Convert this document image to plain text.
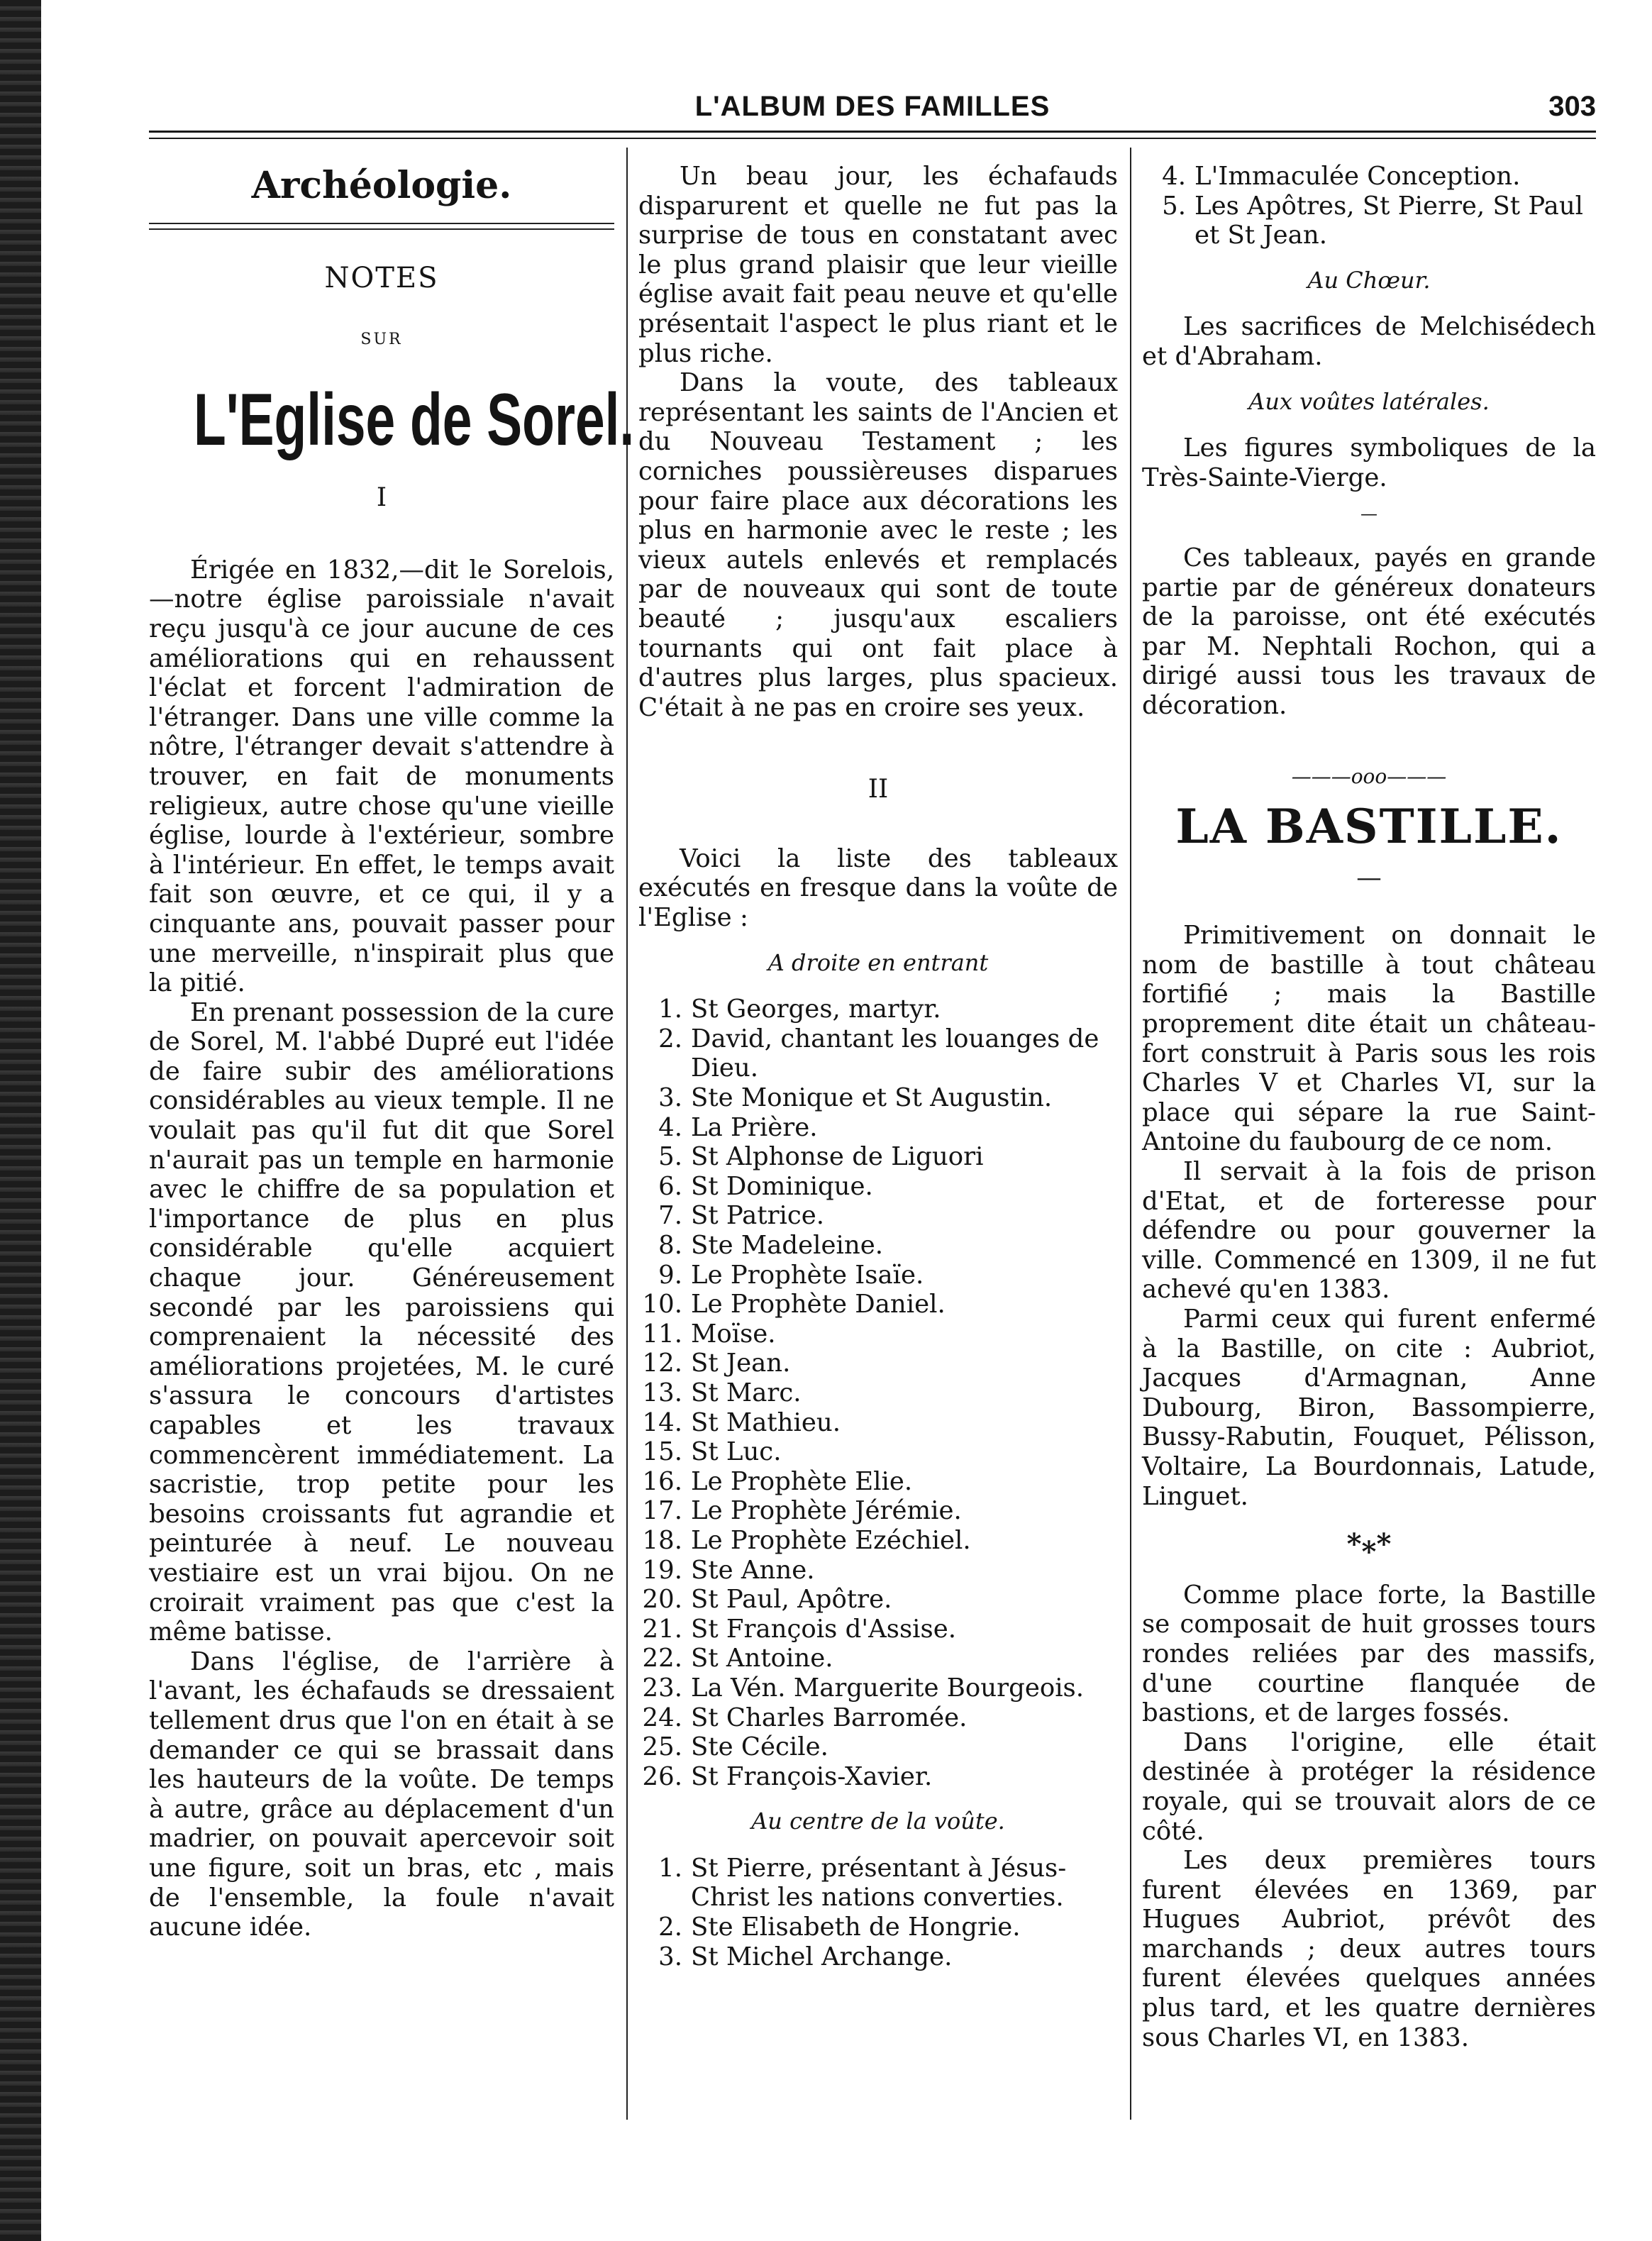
L'ALBUM DES FAMILLES	303
Archéologie.
NOTES
SUR
L'Eglise de Sorel.
I

Érigée en 1832,—dit le Sorelois,—notre église paroissiale n'avait reçu jusqu'à ce jour aucune de ces améliorations qui en rehaussent l'éclat et forcent l'admiration de l'étranger. Dans une ville comme la nôtre, l'étranger devait s'attendre à trouver, en fait de monuments religieux, autre chose qu'une vieille église, lourde à l'extérieur, sombre à l'intérieur. En effet, le temps avait fait son œuvre, et ce qui, il y a cinquante ans, pouvait passer pour une merveille, n'inspirait plus que la pitié.

En prenant possession de la cure de Sorel, M. l'abbé Dupré eut l'idée de faire subir des améliorations considérables au vieux temple. Il ne voulait pas qu'il fut dit que Sorel n'aurait pas un temple en harmonie avec le chiffre de sa population et l'importance de plus en plus considérable qu'elle acquiert chaque jour. Généreusement secondé par les paroissiens qui comprenaient la nécessité des améliorations projetées, M. le curé s'assura le concours d'artistes capables et les travaux commencèrent immédiatement. La sacristie, trop petite pour les besoins croissants fut agrandie et peinturée à neuf. Le nouveau vestiaire est un vrai bijou. On ne croirait vraiment pas que c'est la même batisse.

Dans l'église, de l'arrière à l'avant, les échafauds se dressaient tellement drus que l'on en était à se demander ce qui se brassait dans les hauteurs de la voûte. De temps à autre, grâce au déplacement d'un madrier, on pouvait apercevoir soit une figure, soit un bras, etc , mais de l'ensemble, la foule n'avait aucune idée.

Un beau jour, les échafauds disparurent et quelle ne fut pas la surprise de tous en constatant avec le plus grand plaisir que leur vieille église avait fait peau neuve et qu'elle présentait l'aspect le plus riant et le plus riche.

Dans la voute, des tableaux représentant les saints de l'Ancien et du Nouveau Testament ; les corniches poussièreuses disparues pour faire place aux décorations les plus en harmonie avec le reste ; les vieux autels enlevés et remplacés par de nouveaux qui sont de toute beauté ; jusqu'aux escaliers tournants qui ont fait place à d'autres plus larges, plus spacieux. C'était à ne pas en croire ses yeux.

II

Voici la liste des tableaux exécutés en fresque dans la voûte de l'Eglise :

A droite en entrant
1. St Georges, martyr.
2. David, chantant les louanges de Dieu.
3. Ste Monique et St Augustin.
4. La Prière.
5. St Alphonse de Liguori
6. St Dominique.
7. St Patrice.
8. Ste Madeleine.
9. Le Prophète Isaïe.
10. Le Prophète Daniel.
11. Moïse.
12. St Jean.
13. St Marc.
14. St Mathieu.
15. St Luc.
16. Le Prophète Elie.
17. Le Prophète Jérémie.
18. Le Prophète Ezéchiel.
19. Ste Anne.
20. St Paul, Apôtre.
21. St François d'Assise.
22. St Antoine.
23. La Vén. Marguerite Bourgeois.
24. St Charles Barromée.
25. Ste Cécile.
26. St François-Xavier.
Au centre de la voûte.
1. St Pierre, présentant à Jésus-Christ les nations converties.
2. Ste Elisabeth de Hongrie.
3. St Michel Archange.
4. L'Immaculée Conception.
5. Les Apôtres, St Pierre, St Paul et St Jean.
Au Chœur.

Les sacrifices de Melchisédech et d'Abraham.

Aux voûtes latérales.

Les figures symboliques de la Très-Sainte-Vierge.

—

Ces tableaux, payés en grande partie par de généreux donateurs de la paroisse, ont été exécutés par M. Nephtali Rochon, qui a dirigé aussi tous les travaux de décoration.

———ooo———
LA BASTILLE.
—

Primitivement on donnait le nom de bastille à tout château fortifié ; mais la Bastille proprement dite était un château-fort construit à Paris sous les rois Charles V et Charles VI, sur la place qui sépare la rue Saint-Antoine du faubourg de ce nom.

Il servait à la fois de prison d'Etat, et de forteresse pour défendre ou pour gouverner la ville. Commencé en 1309, il ne fut achevé qu'en 1383.

Parmi ceux qui furent enfermé à la Bastille, on cite : Aubriot, Jacques d'Armagnan, Anne Dubourg, Biron, Bassompierre, Bussy-Rabutin, Fouquet, Pélisson, Voltaire, La Bourdonnais, Latude, Linguet.

*⁎*

Comme place forte, la Bastille se composait de huit grosses tours rondes reliées par des massifs, d'une courtine flanquée de bastions, et de larges fossés.

Dans l'origine, elle était destinée à protéger la résidence royale, qui se trouvait alors de ce côté.

Les deux premières tours furent élevées en 1369, par Hugues Aubriot, prévôt des marchands ; deux autres tours furent élevées quelques années plus tard, et les quatre dernières sous Charles VI, en 1383.
